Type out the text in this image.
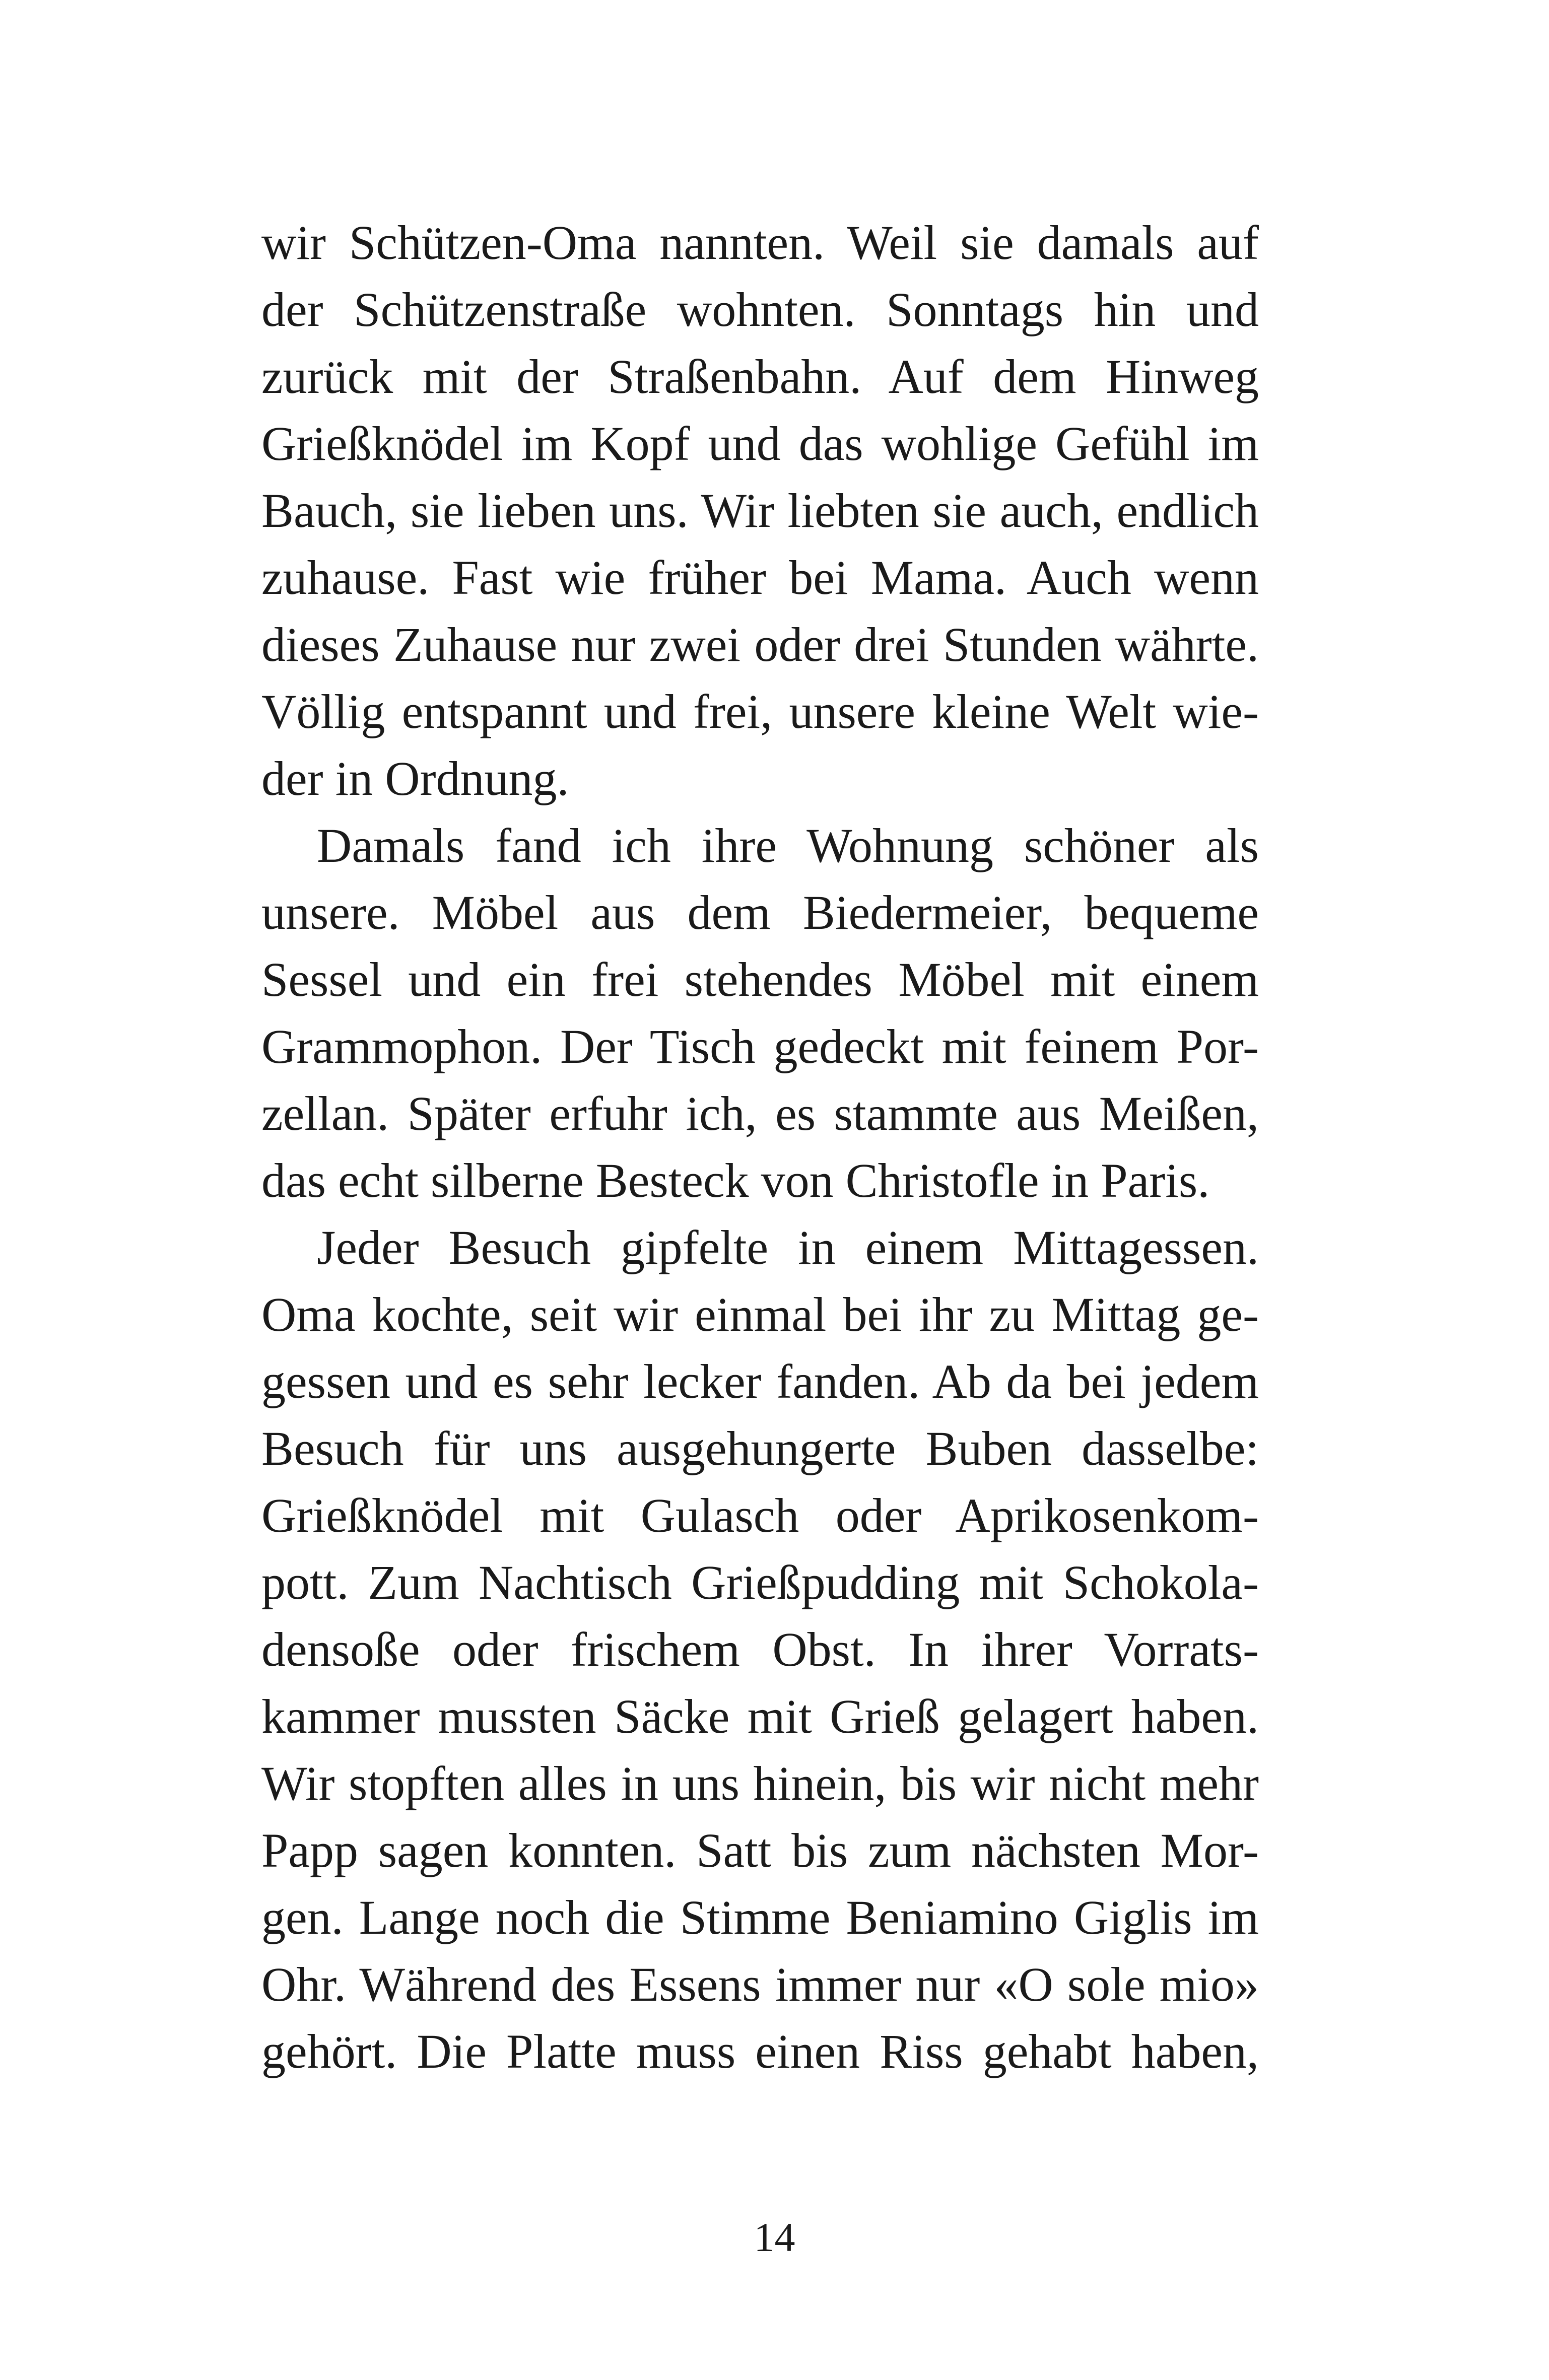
wir Schützen-Oma nannten. Weil sie damals auf
der Schützenstraße wohnten. Sonntags hin und
zurück mit der Straßenbahn. Auf dem Hinweg
Grießknödel im Kopf und das wohlige Gefühl im
Bauch, sie lieben uns. Wir liebten sie auch, endlich
zuhause. Fast wie früher bei Mama. Auch wenn
dieses Zuhause nur zwei oder drei Stunden währte.
Völlig entspannt und frei, unsere kleine Welt wie-
der in Ordnung.
Damals fand ich ihre Wohnung schöner als
unsere. Möbel aus dem Biedermeier, bequeme
Sessel und ein frei stehendes Möbel mit einem
Grammophon. Der Tisch gedeckt mit feinem Por-
zellan. Später erfuhr ich, es stammte aus Meißen,
das echt silberne Besteck von Christofle in Paris.
Jeder Besuch gipfelte in einem Mittagessen.
Oma kochte, seit wir einmal bei ihr zu Mittag ge-
gessen und es sehr lecker fanden. Ab da bei jedem
Besuch für uns ausgehungerte Buben dasselbe:
Grießknödel mit Gulasch oder Aprikosenkom-
pott. Zum Nachtisch Grießpudding mit Schokola-
densoße oder frischem Obst. In ihrer Vorrats-
kammer mussten Säcke mit Grieß gelagert haben.
Wir stopften alles in uns hinein, bis wir nicht mehr
Papp sagen konnten. Satt bis zum nächsten Mor-
gen. Lange noch die Stimme Beniamino Giglis im
Ohr. Während des Essens immer nur «O sole mio»
gehört. Die Platte muss einen Riss gehabt haben,
14
